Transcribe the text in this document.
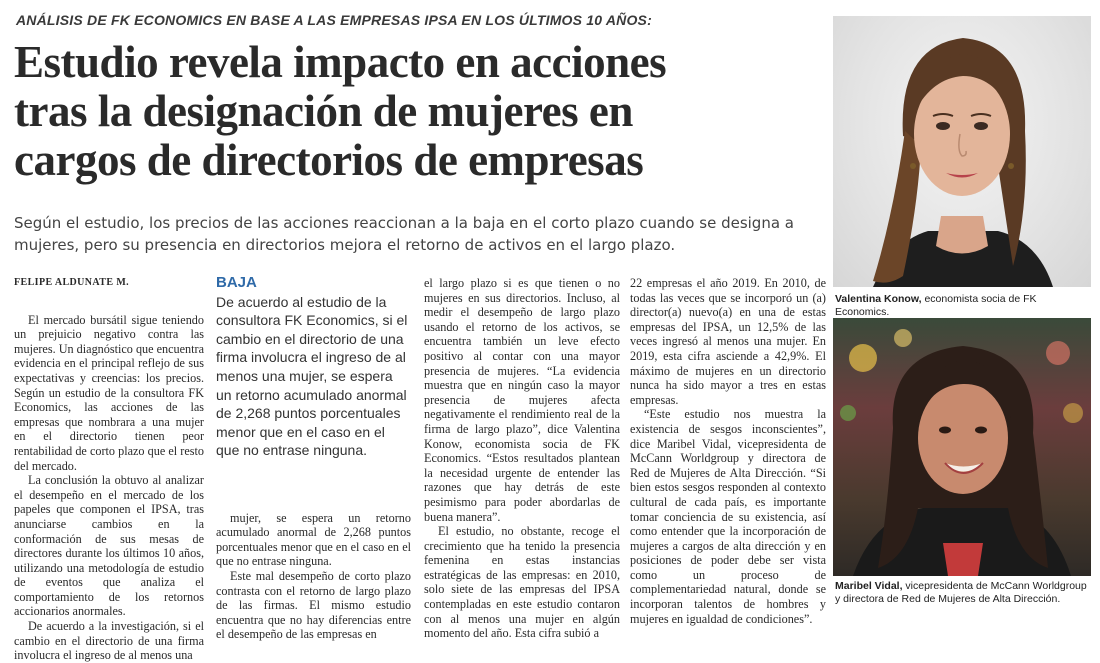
ANÁLISIS DE FK ECONOMICS EN BASE A LAS EMPRESAS IPSA EN LOS ÚLTIMOS 10 AÑOS:
Estudio revela impacto en acciones
tras la designación de mujeres en
cargos de directorios de empresas
Según el estudio, los precios de las acciones reaccionan a la baja en el corto plazo cuando se designa a mujeres, pero su presencia en directorios mejora el retorno de activos en el largo plazo.

FELIPE ALDUNATE M.

El mercado bursátil sigue teniendo un prejuicio negativo contra las mujeres. Un diagnóstico que encuentra evidencia en el principal reflejo de sus expectativas y creencias: los precios. Según un estudio de la consultora FK Economics, las acciones de las empresas que nombrara a una mujer en el directorio tienen peor rentabilidad de corto plazo que el resto del mercado.

La conclusión la obtuvo al analizar el desempeño en el mercado de los papeles que componen el IPSA, tras anunciarse cambios en la conformación de sus mesas de directores durante los últimos 10 años, utilizando una metodología de estudio de eventos que analiza el comportamiento de los retornos accionarios anormales.

De acuerdo a la investigación, si el cambio en el directorio de una firma involucra el ingreso de al menos una

BAJA
De acuerdo al estudio de la consultora FK Economics, si el cambio en el directorio de una firma involucra el ingreso de al menos una mujer, se espera un retorno acumulado anormal de 2,268 puntos porcentuales menor que en el caso en el que no entrase ninguna.

mujer, se espera un retorno acumulado anormal de 2,268 puntos porcentuales menor que en el caso en el que no entrase ninguna.

Este mal desempeño de corto plazo contrasta con el retorno de largo plazo de las firmas. El mismo estudio encuentra que no hay diferencias entre el desempeño de las empresas en

el largo plazo si es que tienen o no mujeres en sus directorios. Incluso, al medir el desempeño de largo plazo usando el retorno de los activos, se encuentra también un leve efecto positivo al contar con una mayor presencia de mujeres. “La evidencia muestra que en ningún caso la mayor presencia de mujeres afecta negativamente el rendimiento real de la firma de largo plazo”, dice Valentina Konow, economista socia de FK Economics. “Estos resultados plantean la necesidad urgente de entender las razones que hay detrás de este pesimismo para poder abordarlas de buena manera”.

El estudio, no obstante, recoge el crecimiento que ha tenido la presencia femenina en estas instancias estratégicas de las empresas: en 2010, solo siete de las empresas del IPSA contempladas en este estudio contaron con al menos una mujer en algún momento del año. Esta cifra subió a

22 empresas el año 2019. En 2010, de todas las veces que se incorporó un (a) director(a) nuevo(a) en una de estas empresas del IPSA, un 12,5% de las veces ingresó al menos una mujer. En 2019, esta cifra asciende a 42,9%. El máximo de mujeres en un directorio nunca ha sido mayor a tres en estas empresas.

“Este estudio nos muestra la existencia de sesgos inconscientes”, dice Maribel Vidal, vicepresidenta de McCann Worldgroup y directora de Red de Mujeres de Alta Dirección. “Si bien estos sesgos responden al contexto cultural de cada país, es importante tomar conciencia de su existencia, así como entender que la incorporación de mujeres a cargos de alta dirección y en posiciones de poder debe ser vista como un proceso de complementariedad natural, donde se incorporan talentos de hombres y mujeres en igualdad de condiciones”.

Valentina Konow, economista socia de FK Economics.
Maribel Vidal, vicepresidenta de McCann Worldgroup y directora de Red de Mujeres de Alta Dirección.
